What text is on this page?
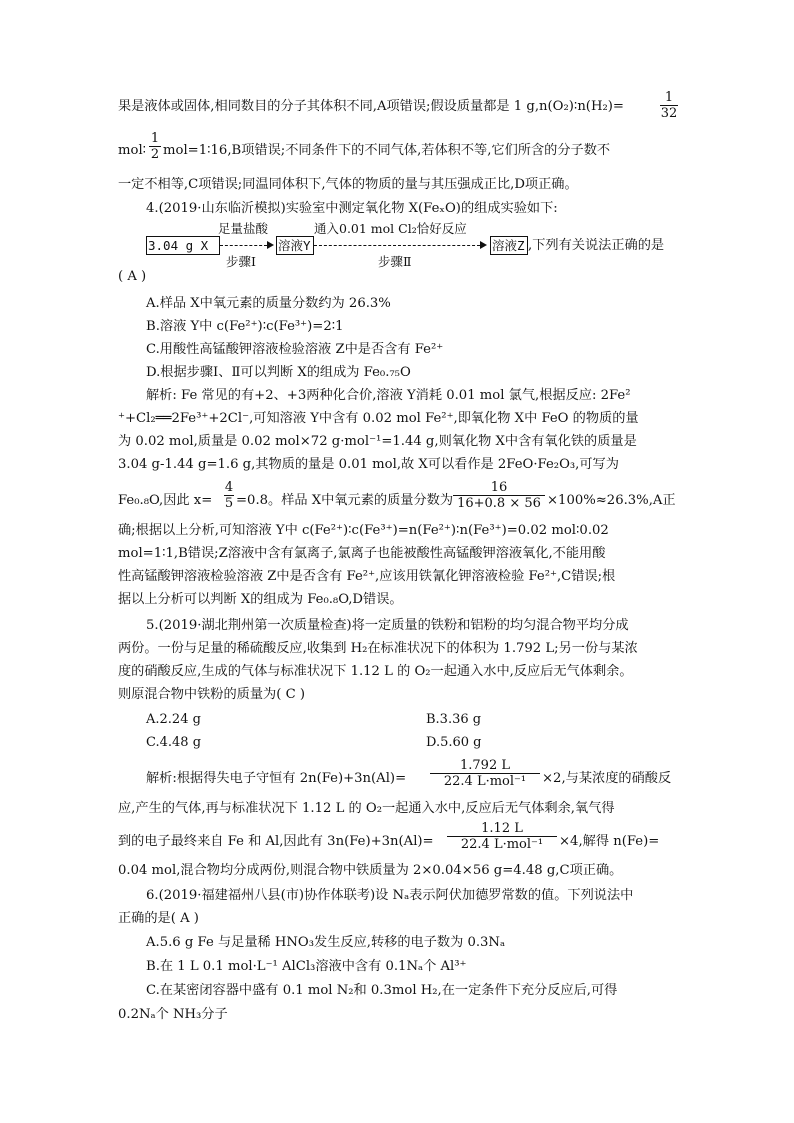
果是液体或固体,相同数目的分子其体积不同,A项错误;假设质量都是 1 g,n(O₂)∶n(H₂)=
1
32
mol∶
1
2 mol=1∶16,B项错误;不同条件下的不同气体,若体积不等,它们所含的分子数不
一定不相等,C项错误;同温同体积下,气体的物质的量与其压强成正比,D项正确。
4.(2019·山东临沂模拟)实验室中测定氧化物 X(FeₓO)的组成实验如下:
3.04 g X
足量盐酸
步骤Ⅰ
溶液Y
通入0.01 mol Cl₂恰好反应
步骤Ⅱ
溶液Z ,下列有关说法正确的是
( A )
A.样品 X中氧元素的质量分数约为 26.3%
B.溶液 Y中 c(Fe²⁺)∶c(Fe³⁺)=2∶1
C.用酸性高锰酸钾溶液检验溶液 Z中是否含有 Fe²⁺
D.根据步骤Ⅰ、Ⅱ可以判断 X的组成为 Fe₀.₇₅O
解析: Fe 常见的有+2、+3两种化合价,溶液 Y消耗 0.01 mol 氯气,根据反应: 2Fe²
⁺+Cl₂══2Fe³⁺+2Cl⁻,可知溶液 Y中含有 0.02 mol Fe²⁺,即氧化物 X中 FeO 的物质的量
为 0.02 mol,质量是 0.02 mol×72 g·mol⁻¹=1.44 g,则氧化物 X中含有氧化铁的质量是
3.04 g-1.44 g=1.6 g,其物质的量是 0.01 mol,故 X可以看作是 2FeO·Fe₂O₃,可写为
Fe₀.₈O,因此 x=
4
5 =0.8。样品 X中氧元素的质量分数为
16
16+0.8 × 56 ×100%≈26.3%,A正
确;根据以上分析,可知溶液 Y中 c(Fe²⁺)∶c(Fe³⁺)=n(Fe²⁺)∶n(Fe³⁺)=0.02 mol∶0.02
mol=1∶1,B错误;Z溶液中含有氯离子,氯离子也能被酸性高锰酸钾溶液氧化,不能用酸
性高锰酸钾溶液检验溶液 Z中是否含有 Fe²⁺,应该用铁氰化钾溶液检验 Fe²⁺,C错误;根
据以上分析可以判断 X的组成为 Fe₀.₈O,D错误。
5.(2019·湖北荆州第一次质量检查)将一定质量的铁粉和铝粉的均匀混合物平均分成
两份。一份与足量的稀硫酸反应,收集到 H₂在标准状况下的体积为 1.792 L;另一份与某浓
度的硝酸反应,生成的气体与标准状况下 1.12 L 的 O₂一起通入水中,反应后无气体剩余。
则原混合物中铁粉的质量为( C )
A.2.24 g	B.3.36 g
C.4.48 g	D.5.60 g
解析:根据得失电子守恒有 2n(Fe)+3n(Al)=
1.792 L
22.4 L·mol⁻¹	×2,与某浓度的硝酸反
应,产生的气体,再与标准状况下 1.12 L 的 O₂一起通入水中,反应后无气体剩余,氧气得
到的电子最终来自 Fe 和 Al,因此有 3n(Fe)+3n(Al)=
1.12 L
22.4 L·mol⁻¹	×4,解得 n(Fe)=
0.04 mol,混合物均分成两份,则混合物中铁质量为 2×0.04×56 g=4.48 g,C项正确。
6.(2019·福建福州八县(市)协作体联考)设 Nₐ表示阿伏加德罗常数的值。下列说法中
正确的是( A )
A.5.6 g Fe 与足量稀 HNO₃发生反应,转移的电子数为 0.3Nₐ
B.在 1 L 0.1 mol·L⁻¹ AlCl₃溶液中含有 0.1Nₐ个 Al³⁺
C.在某密闭容器中盛有 0.1 mol N₂和 0.3mol H₂,在一定条件下充分反应后,可得
0.2Nₐ个 NH₃分子
